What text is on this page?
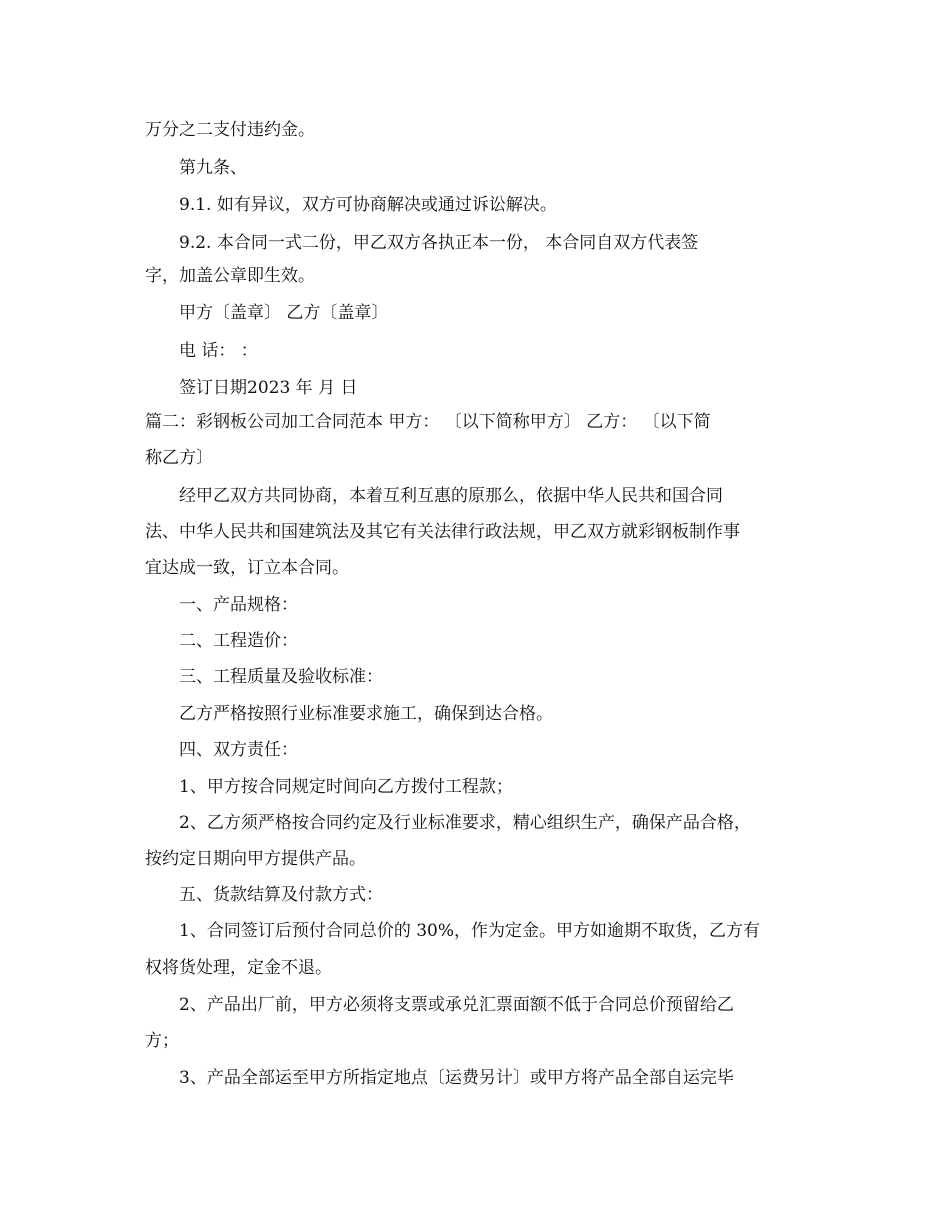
万分之二支付违约金。
第九条、
9.1. 如有异议，双方可协商解决或通过诉讼解决。
9.2. 本合同一式二份，甲乙双方各执正本一份， 本合同自双方代表签
字，加盖公章即生效。
甲方〔盖章〕 乙方〔盖章〕
电 话： ：
签订日期2023 年 月 日
篇二：彩钢板公司加工合同范本 甲方： 〔以下简称甲方〕 乙方： 〔以下简
称乙方〕
经甲乙双方共同协商，本着互利互惠的原那么，依据中华人民共和国合同
法、中华人民共和国建筑法及其它有关法律行政法规，甲乙双方就彩钢板制作事
宜达成一致，订立本合同。
一、产品规格：
二、工程造价：
三、工程质量及验收标准：
乙方严格按照行业标准要求施工，确保到达合格。
四、双方责任：
1、甲方按合同规定时间向乙方拨付工程款；
2、乙方须严格按合同约定及行业标准要求，精心组织生产，确保产品合格，
按约定日期向甲方提供产品。
五、货款结算及付款方式：
1、合同签订后预付合同总价的 30%，作为定金。甲方如逾期不取货，乙方有
权将货处理，定金不退。
2、产品出厂前，甲方必须将支票或承兑汇票面额不低于合同总价预留给乙
方；
3、产品全部运至甲方所指定地点〔运费另计〕或甲方将产品全部自运完毕
